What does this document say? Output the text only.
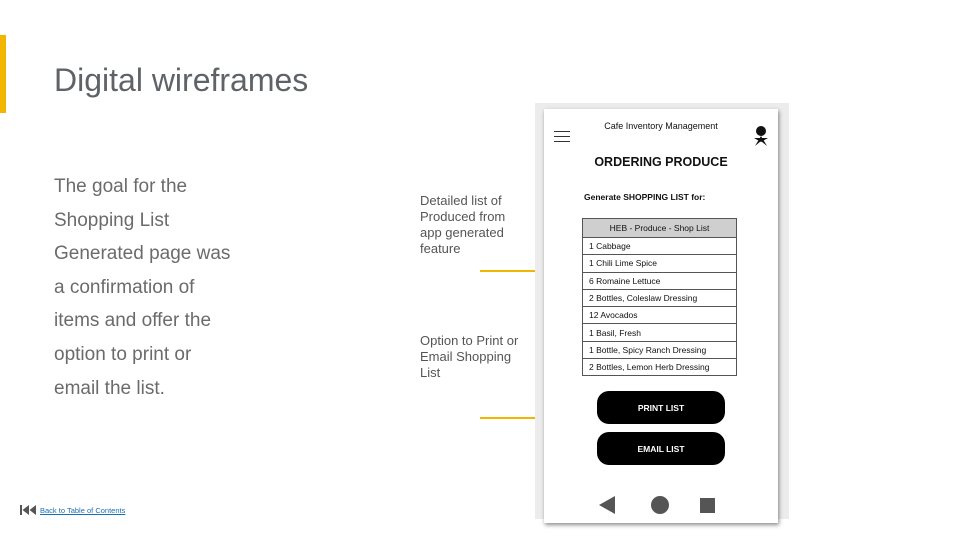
Digital wireframes
The goal for the
Shopping List
Generated page was
a confirmation of
items and offer the
option to print or
email the list.
Detailed list of
Produced from
app generated
feature
Option to Print or
Email Shopping
List
Cafe Inventory Management
ORDERING PRODUCE
Generate SHOPPING LIST for:
HEB - Produce - Shop List
1 Cabbage
1 Chili Lime Spice
6 Romaine Lettuce
2 Bottles, Coleslaw Dressing
12 Avocados
1 Basil, Fresh
1 Bottle, Spicy Ranch Dressing
2 Bottles, Lemon Herb Dressing
PRINT LIST
EMAIL LIST
Back to Table of Contents
